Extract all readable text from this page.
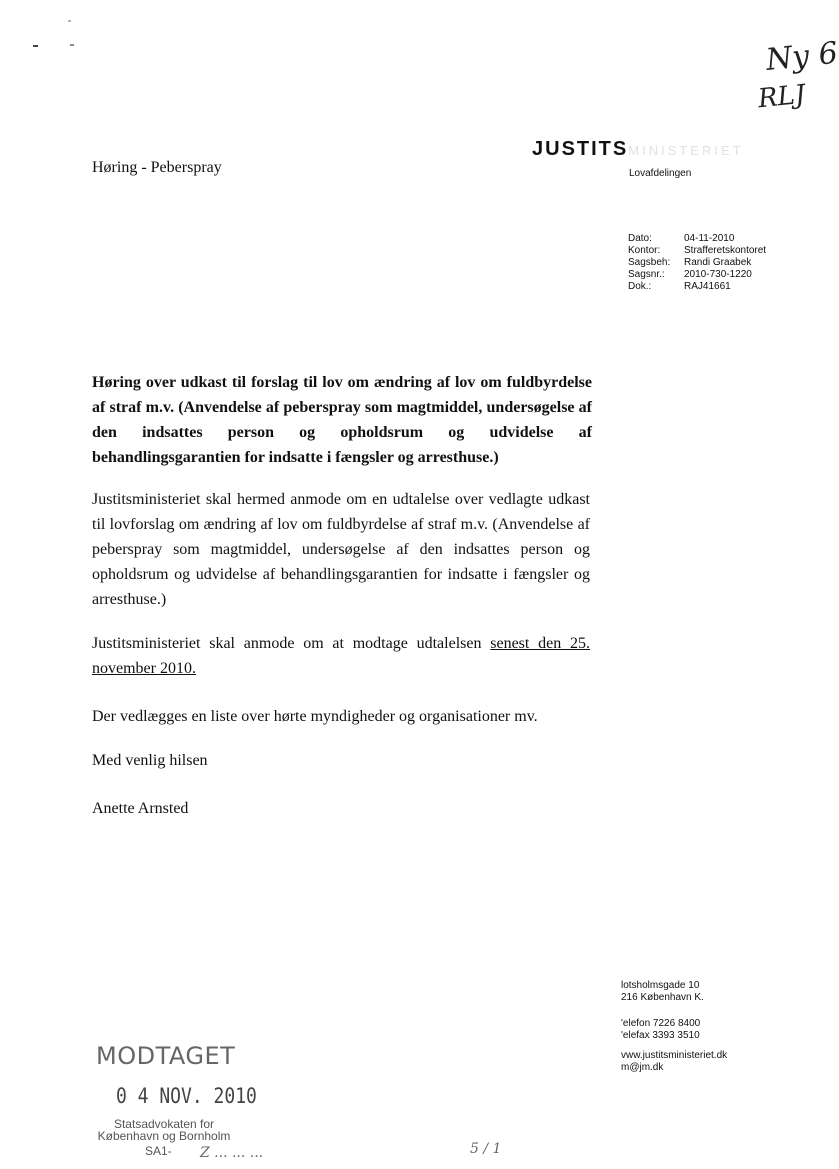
Ny 6
RLJ
Høring - Peberspray
JUSTITSMINISTERIET
Lovafdelingen
Dato:	04-11-2010
Kontor:	Strafferetskontoret
Sagsbeh:	Randi Graabek
Sagsnr.:	2010-730-1220
Dok.:	RAJ41661
Høring over udkast til forslag til lov om ændring af lov om fuldbyrdelse af straf m.v. (Anvendelse af peberspray som magtmiddel, undersøgelse af den indsattes person og opholdsrum og udvidelse af behandlingsgarantien for indsatte i fængsler og arresthuse.)
Justitsministeriet skal hermed anmode om en udtalelse over vedlagte udkast til lovforslag om ændring af lov om fuldbyrdelse af straf m.v. (Anvendelse af peberspray som magtmiddel, undersøgelse af den indsattes person og opholdsrum og udvidelse af behandlingsgarantien for indsatte i fængsler og arresthuse.)
Justitsministeriet skal anmode om at modtage udtalelsen senest den 25. november 2010.
Der vedlægges en liste over hørte myndigheder og organisationer mv.
Med venlig hilsen
Anette Arnsted
lotsholmsgade 10
216 København K.
'elefon 7226 8400
'elefax 3393 3510
vww.justitsministeriet.dk
m@jm.dk
MODTAGET
0 4 NOV. 2010
Statsadvokaten for
København og Bornholm
SA1- Z ... ... ...	5 / 1
